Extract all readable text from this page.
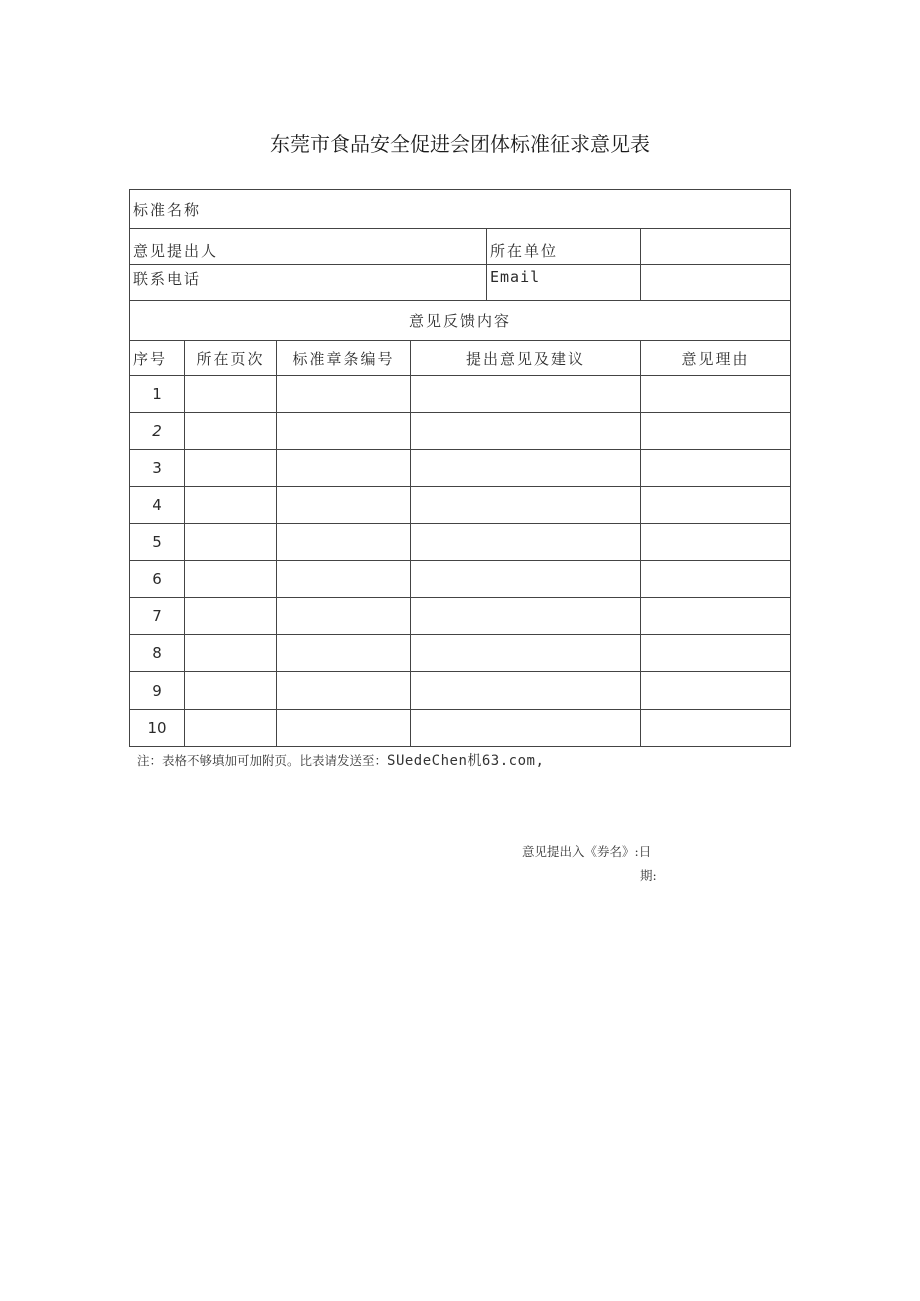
东莞市食品安全促进会团体标准征求意见表
标准名称					
意见提出人				所在单位	
联系电话				Email	
意见反馈内容					
序号	所在页次	标准章条编号	提出意见及建议		意见理由
1					
2					
3					
4					
5					
6					
7					
8					
9					
10					
注：表格不够填加可加附页。比表请发送至：SUedeChen机63.com,
意见提出入《券名》:日
期:
